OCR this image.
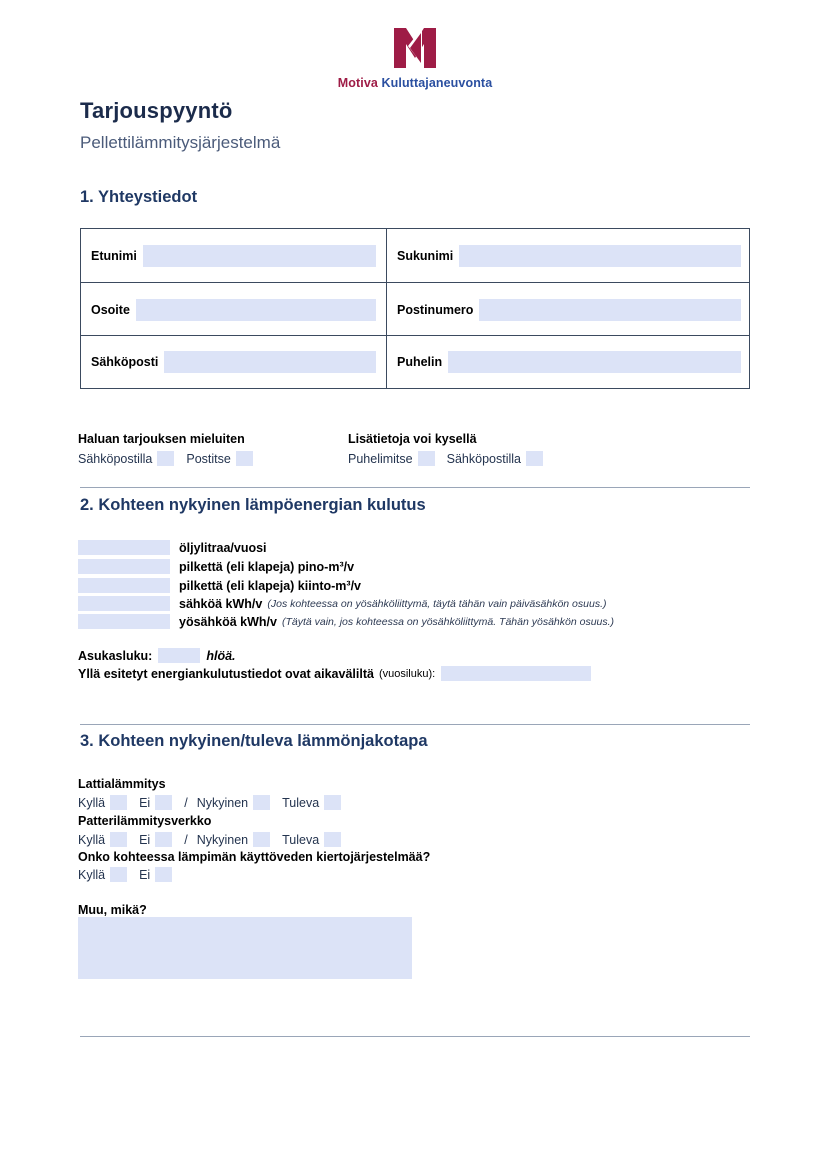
Motiva Kuluttajaneuvonta
Tarjouspyyntö
Pellettilämmitysjärjestelmä
1. Yhteystiedot
Etunimi	Sukunimi
Osoite	Postinumero
Sähköposti	Puhelin
Haluan tarjouksen mieluiten
Sähköpostilla	Postitse
Lisätietoja voi kysellä
Puhelimitse	Sähköpostilla
2. Kohteen nykyinen lämpöenergian kulutus
öljylitraa/vuosi
pilkettä (eli klapeja) pino-m³/v
pilkettä (eli klapeja) kiinto-m³/v
sähköä kWh/v (Jos kohteessa on yösähköliittymä, täytä tähän vain päiväsähkön osuus.)
yösähköä kWh/v (Täytä vain, jos kohteessa on yösähköliittymä. Tähän yösähkön osuus.)
Asukasluku:	hlöä.
Yllä esitetyt energiankulutustiedot ovat aikaväliltä (vuosiluku):
3. Kohteen nykyinen/tuleva lämmönjakotapa
Lattialämmitys
Kyllä	Ei	/ Nykyinen	Tuleva
Patterilämmitysverkko
Kyllä	Ei	/ Nykyinen	Tuleva
Onko kohteessa lämpimän käyttöveden kiertojärjestelmää?
Kyllä	Ei
Muu, mikä?
